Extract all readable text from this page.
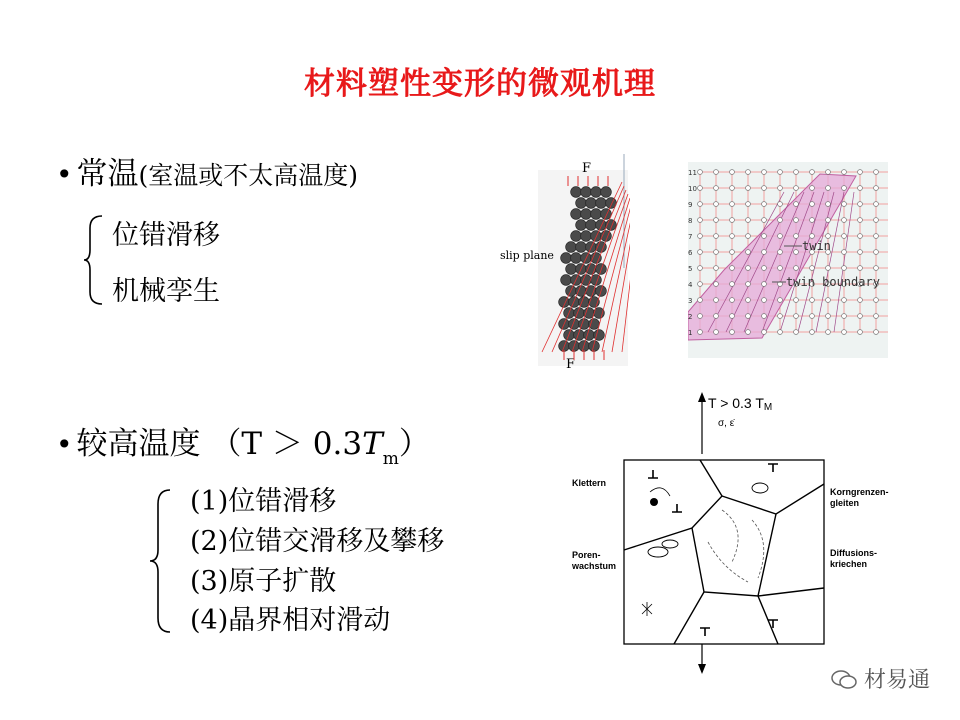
材料塑性变形的微观机理
• 常温(室温或不太高温度)
位错滑移
机械孪生
• 较高温度 $(T > 0.3T_m)$
(1)位错滑移
(2)位错交滑移及攀移
(3)原子扩散
(4)晶界相对滑动
F
F
slip plane
11
10
9
8
7
6
5
4
3
2
1
twin
twin boundary
T > 0.3 TM
σ, ε̇
Klettern
Poren-
wachstum
Korngrenzen-
gleiten
Diffusions-
kriechen
材易通
